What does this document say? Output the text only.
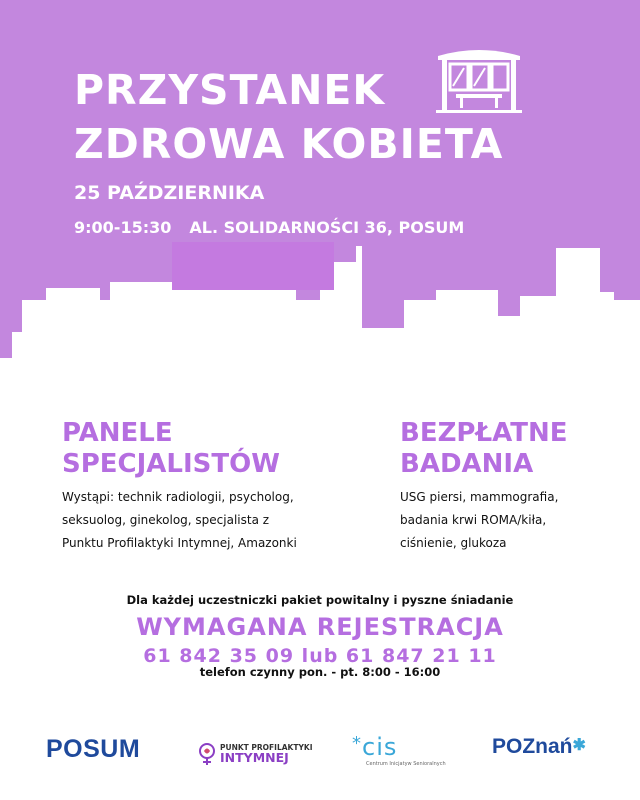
PRZYSTANEK
ZDROWA KOBIETA
25 PAŹDZIERNIKA
9:00-15:30 AL. SOLIDARNOŚCI 36, POSUM
PANELE
SPECJALISTÓW
Wystąpi: technik radiologii, psycholog,
seksuolog, ginekolog, specjalista z
Punktu Profilaktyki Intymnej, Amazonki
BEZPŁATNE
BADANIA
USG piersi, mammografia,
badania krwi ROMA/kiła,
ciśnienie, glukoza
Dla każdej uczestniczki pakiet powitalny i pyszne śniadanie
WYMAGANA REJESTRACJA
61 842 35 09 lub 61 847 21 11
telefon czynny pon. - pt. 8:00 - 16:00
POSUM	PUNKT PROFILAKTYKI
INTYMNEJ
*cis
Centrum Inicjatyw Senioralnych
POZnań✱
